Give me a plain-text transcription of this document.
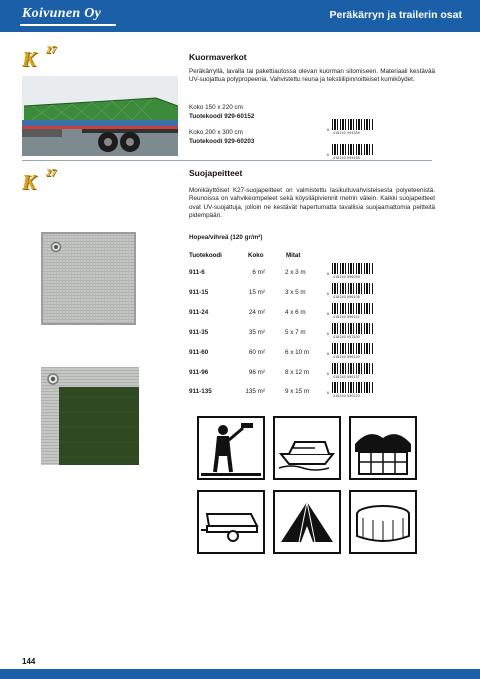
Koivunen Oy	Peräkärryn ja trailerin osat
K 27
Kuormaverkot
Peräkärryllä, lavalla tai pakettiautossa olevan kuorman sitomiseen. Materiaali kestävää UV-suojattua polypropeenia. Vahvistettu reuna ja tekstiilipinnoitteiset kumiköydet.
Koko 150 x 220 cm
Tuotekoodi 929-60152
6
418240 994359
Koko 200 x 300 cm
Tuotekoodi 929-60203
6
418240 994465
K 27	Suojapeitteet
Monikäyttöiset K27-suojapeitteet on valmistettu lasikuituvahvisteisesta polyeteenistä. Reunoissa on vahvikeompeleet sekä köysiläpiviennit metrin välein. Kaikki suojapeitteet ovat UV-suojattuja, jolloin ne kestävät hapertumatta tavallisia suojaamattomia peitteitä pidempään.
Hopea/vihreä (120 gr/m²)
Tuotekoodi	Koko	Mitat
911-6	6 m²	2 x 3 m	6
418240 596090
911-15	15 m²	3 x 5 m	6
418240 596106
911-24	24 m²	4 x 6 m	6
418240 596113
911-35	35 m²	5 x 7 m	6
418240 057830
911-60	60 m²	6 x 10 m	6
418240 596120
911-96	96 m²	8 x 12 m	6
418240 596137
911-135	135 m²	9 x 15 m	6
418240 630220
144
